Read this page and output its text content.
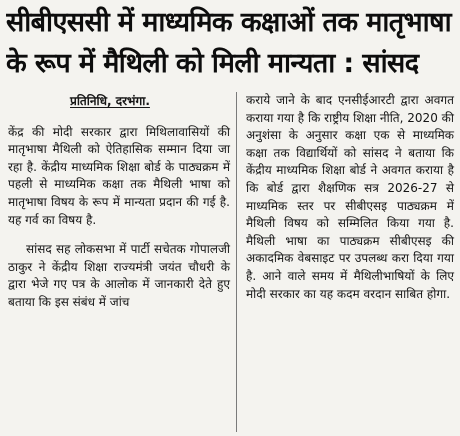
सीबीएससी में माध्यमिक कक्षाओं तक मातृभाषा
के रूप में मैथिली को मिली मान्यता : सांसद

प्रतिनिधि, दरभंगा.

केंद्र की मोदी सरकार द्वारा मिथिलावासियों की मातृभाषा मैथिली को ऐतिहासिक सम्मान दिया जा रहा है. केंद्रीय माध्यमिक शिक्षा बोर्ड के पाठ्यक्रम में पहली से माध्यमिक कक्षा तक मैथिली भाषा को मातृभाषा विषय के रूप में मान्यता प्रदान की गई है. यह गर्व का विषय है.

सांसद सह लोकसभा में पार्टी सचेतक गोपालजी ठाकुर ने केंद्रीय शिक्षा राज्यमंत्री जयंत चौधरी के द्वारा भेजे गए पत्र के आलोक में जानकारी देते हुए बताया कि इस संबंध में जांच

कराये जाने के बाद एनसीईआरटी द्वारा अवगत कराया गया है कि राष्ट्रीय शिक्षा नीति, 2020 की अनुशंसा के अनुसार कक्षा एक से माध्यमिक कक्षा तक विद्यार्थियों को सांसद ने बताया कि केंद्रीय माध्यमिक शिक्षा बोर्ड ने अवगत कराया है कि बोर्ड द्वारा शैक्षणिक सत्र 2026-27 से माध्यमिक स्तर पर सीबीएसइ पाठ्यक्रम में मैथिली विषय को सम्मिलित किया गया है. मैथिली भाषा का पाठ्यक्रम सीबीएसइ की अकादमिक वेबसाइट पर उपलब्ध करा दिया गया है. आने वाले समय में मैथिलीभाषियों के लिए मोदी सरकार का यह कदम वरदान साबित होगा.
